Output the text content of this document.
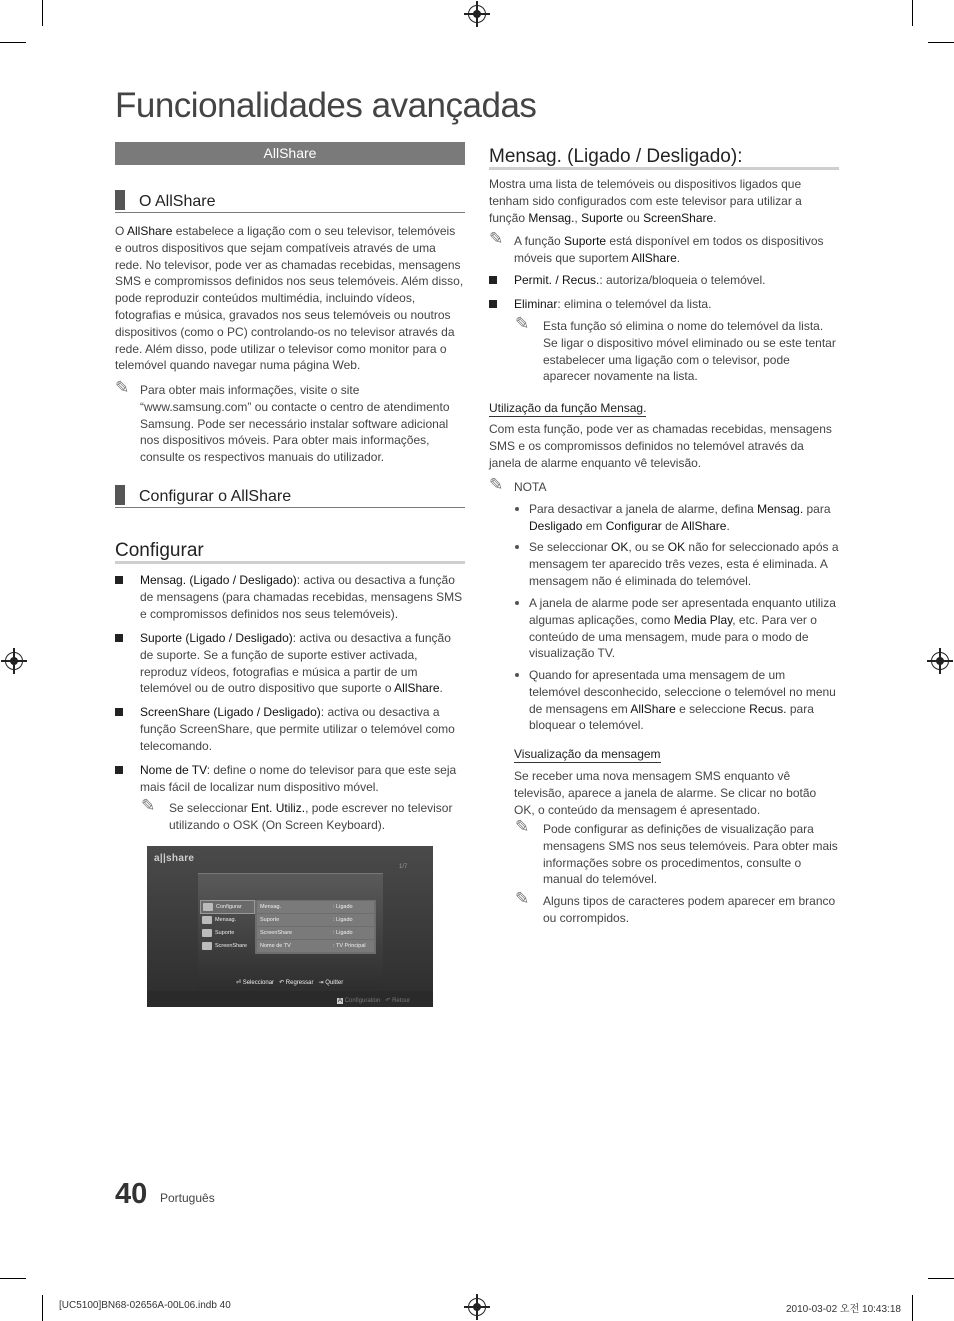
Funcionalidades avançadas
AllShare
O AllShare
O AllShare estabelece a ligação com o seu televisor, telemóveis e outros dispositivos que sejam compatíveis através de uma rede. No televisor, pode ver as chamadas recebidas, mensagens SMS e compromissos definidos nos seus telemóveis. Além disso, pode reproduzir conteúdos multimédia, incluindo vídeos, fotografias e música, gravados nos seus telemóveis ou noutros dispositivos (como o PC) controlando-os no televisor através da rede. Além disso, pode utilizar o televisor como monitor para o telemóvel quando navegar numa página Web.
✎ Para obter mais informações, visite o site “www.samsung.com” ou contacte o centro de atendimento Samsung. Pode ser necessário instalar software adicional nos dispositivos móveis. Para obter mais informações, consulte os respectivos manuais do utilizador.
Configurar o AllShare
Configurar
Mensag. (Ligado / Desligado): activa ou desactiva a função de mensagens (para chamadas recebidas, mensagens SMS e compromissos definidos nos seus telemóveis).
Suporte (Ligado / Desligado): activa ou desactiva a função de suporte. Se a função de suporte estiver activada, reproduz vídeos, fotografias e música a partir de um telemóvel ou de outro dispositivo que suporte o AllShare.
ScreenShare (Ligado / Desligado): activa ou desactiva a função ScreenShare, que permite utilizar o telemóvel como telecomando.
Nome de TV: define o nome do televisor para que este seja mais fácil de localizar num dispositivo móvel.
✎ Se seleccionar Ent. Utiliz., pode escrever no televisor utilizando o OSK (On Screen Keyboard).
a||share
1/7
Configurar
Mensag.
Suporte
ScreenShare
Mensag.	: Ligado
Suporte	: Ligado
ScreenShare	: Ligado
Nome de TV	: TV Principal
⏎ Seleccionar ↶ Regressar ⇥ Quitter
A Configuration   ↶ Retour
Mensag. (Ligado / Desligado):
Mostra uma lista de telemóveis ou dispositivos ligados que tenham sido configurados com este televisor para utilizar a função Mensag., Suporte ou ScreenShare.
✎ A função Suporte está disponível em todos os dispositivos móveis que suportem AllShare.
Permit. / Recus.: autoriza/bloqueia o telemóvel.
Eliminar: elimina o telemóvel da lista.
✎ Esta função só elimina o nome do telemóvel da lista. Se ligar o dispositivo móvel eliminado ou se este tentar estabelecer uma ligação com o televisor, pode aparecer novamente na lista.
Utilização da função Mensag.
Com esta função, pode ver as chamadas recebidas, mensagens SMS e os compromissos definidos no telemóvel através da janela de alarme enquanto vê televisão.
✎ NOTA
Para desactivar a janela de alarme, defina Mensag. para Desligado em Configurar de AllShare.
Se seleccionar OK, ou se OK não for seleccionado após a mensagem ter aparecido três vezes, esta é eliminada. A mensagem não é eliminada do telemóvel.
A janela de alarme pode ser apresentada enquanto utiliza algumas aplicações, como Media Play, etc. Para ver o conteúdo de uma mensagem, mude para o modo de visualização TV.
Quando for apresentada uma mensagem de um telemóvel desconhecido, seleccione o telemóvel no menu de mensagens em AllShare e seleccione Recus. para bloquear o telemóvel.
Visualização da mensagem
Se receber uma nova mensagem SMS enquanto vê televisão, aparece a janela de alarme. Se clicar no botão OK, o conteúdo da mensagem é apresentado.
✎ Pode configurar as definições de visualização para mensagens SMS nos seus telemóveis. Para obter mais informações sobre os procedimentos, consulte o manual do telemóvel.
✎ Alguns tipos de caracteres podem aparecer em branco ou corrompidos.
40 Português
[UC5100]BN68-02656A-00L06.indb 40	2010-03-02 오전 10:43:18
